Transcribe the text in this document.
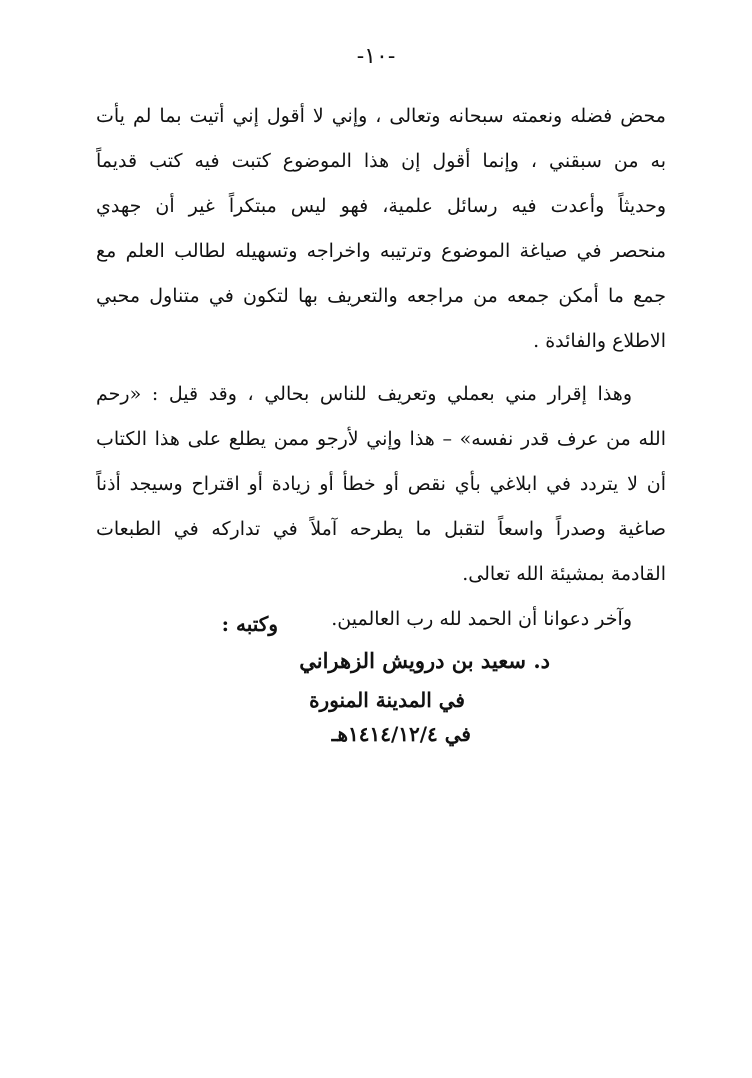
-١٠-
محض فضله ونعمته سبحانه وتعالى ، وإني لا أقول إني أتيت بما لم يأت
به من سبقني ، وإنما أقول إن هذا الموضوع كتبت فيه كتب قديماً
وحديثاً وأعدت فيه رسائل علمية، فهو ليس مبتكراً غير أن جهدي
منحصر في صياغة الموضوع وترتيبه واخراجه وتسهيله لطالب العلم مع
جمع ما أمكن جمعه من مراجعه والتعريف بها لتكون في متناول محبي
الاطلاع والفائدة .
وهذا إقرار مني بعملي وتعريف للناس بحالي ، وقد قيل : «رحم
الله من عرف قدر نفسه» – هذا وإني لأرجو ممن يطلع على هذا الكتاب
أن لا يتردد في ابلاغي بأي نقص أو خطأ أو زيادة أو اقتراح وسيجد أذناً
صاغية وصدراً واسعاً لتقبل ما يطرحه آملاً في تداركه في الطبعات
القادمة بمشيئة الله تعالى.
وآخر دعوانا أن الحمد لله رب العالمين.
وكتبه :
د. سعيد بن درويش الزهراني
في المدينة المنورة
في ١٤١٤/١٢/٤هـ
